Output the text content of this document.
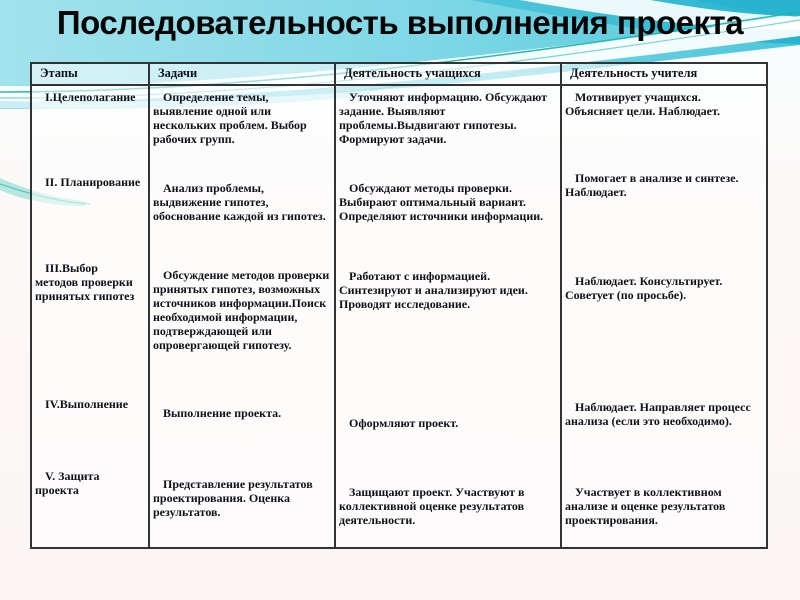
Последовательность выполнения проекта
Этапы	Задачи	Деятельность учащихся	Деятельность учителя
I.Целеполагание	Определение темы, выявление одной или нескольких проблем. Выбор рабочих групп.	Уточняют информацию. Обсуждают задание. Выявляют проблемы.Выдвигают гипотезы. Формируют задачи.	Мотивирует учащихся. Объясняет цели. Наблюдает.
II. Планирование	Анализ проблемы, выдвижение гипотез, обоснование каждой из гипотез.	Обсуждают методы проверки. Выбирают оптимальный вариант. Определяют источники информации.	Помогает в анализе и синтезе. Наблюдает.
III.Выбор методов проверки принятых гипотез	Обсуждение методов проверки принятых гипотез, возможных источников информации.Поиск необходимой информации, подтверждающей или опровергающей гипотезу.	Работают с информацией. Синтезируют и анализируют идеи. Проводят исследование.	Наблюдает. Консультирует. Советует (по просьбе).
IV.Выполнение	Выполнение проекта.	Оформляют проект.	Наблюдает. Направляет процесс анализа (если это необходимо).
V. Защита проекта	Представление результатов проектирования. Оценка результатов.	Защищают проект. Участвуют в коллективной оценке результатов деятельности.	Участвует в коллективном анализе и оценке результатов проектирования.
